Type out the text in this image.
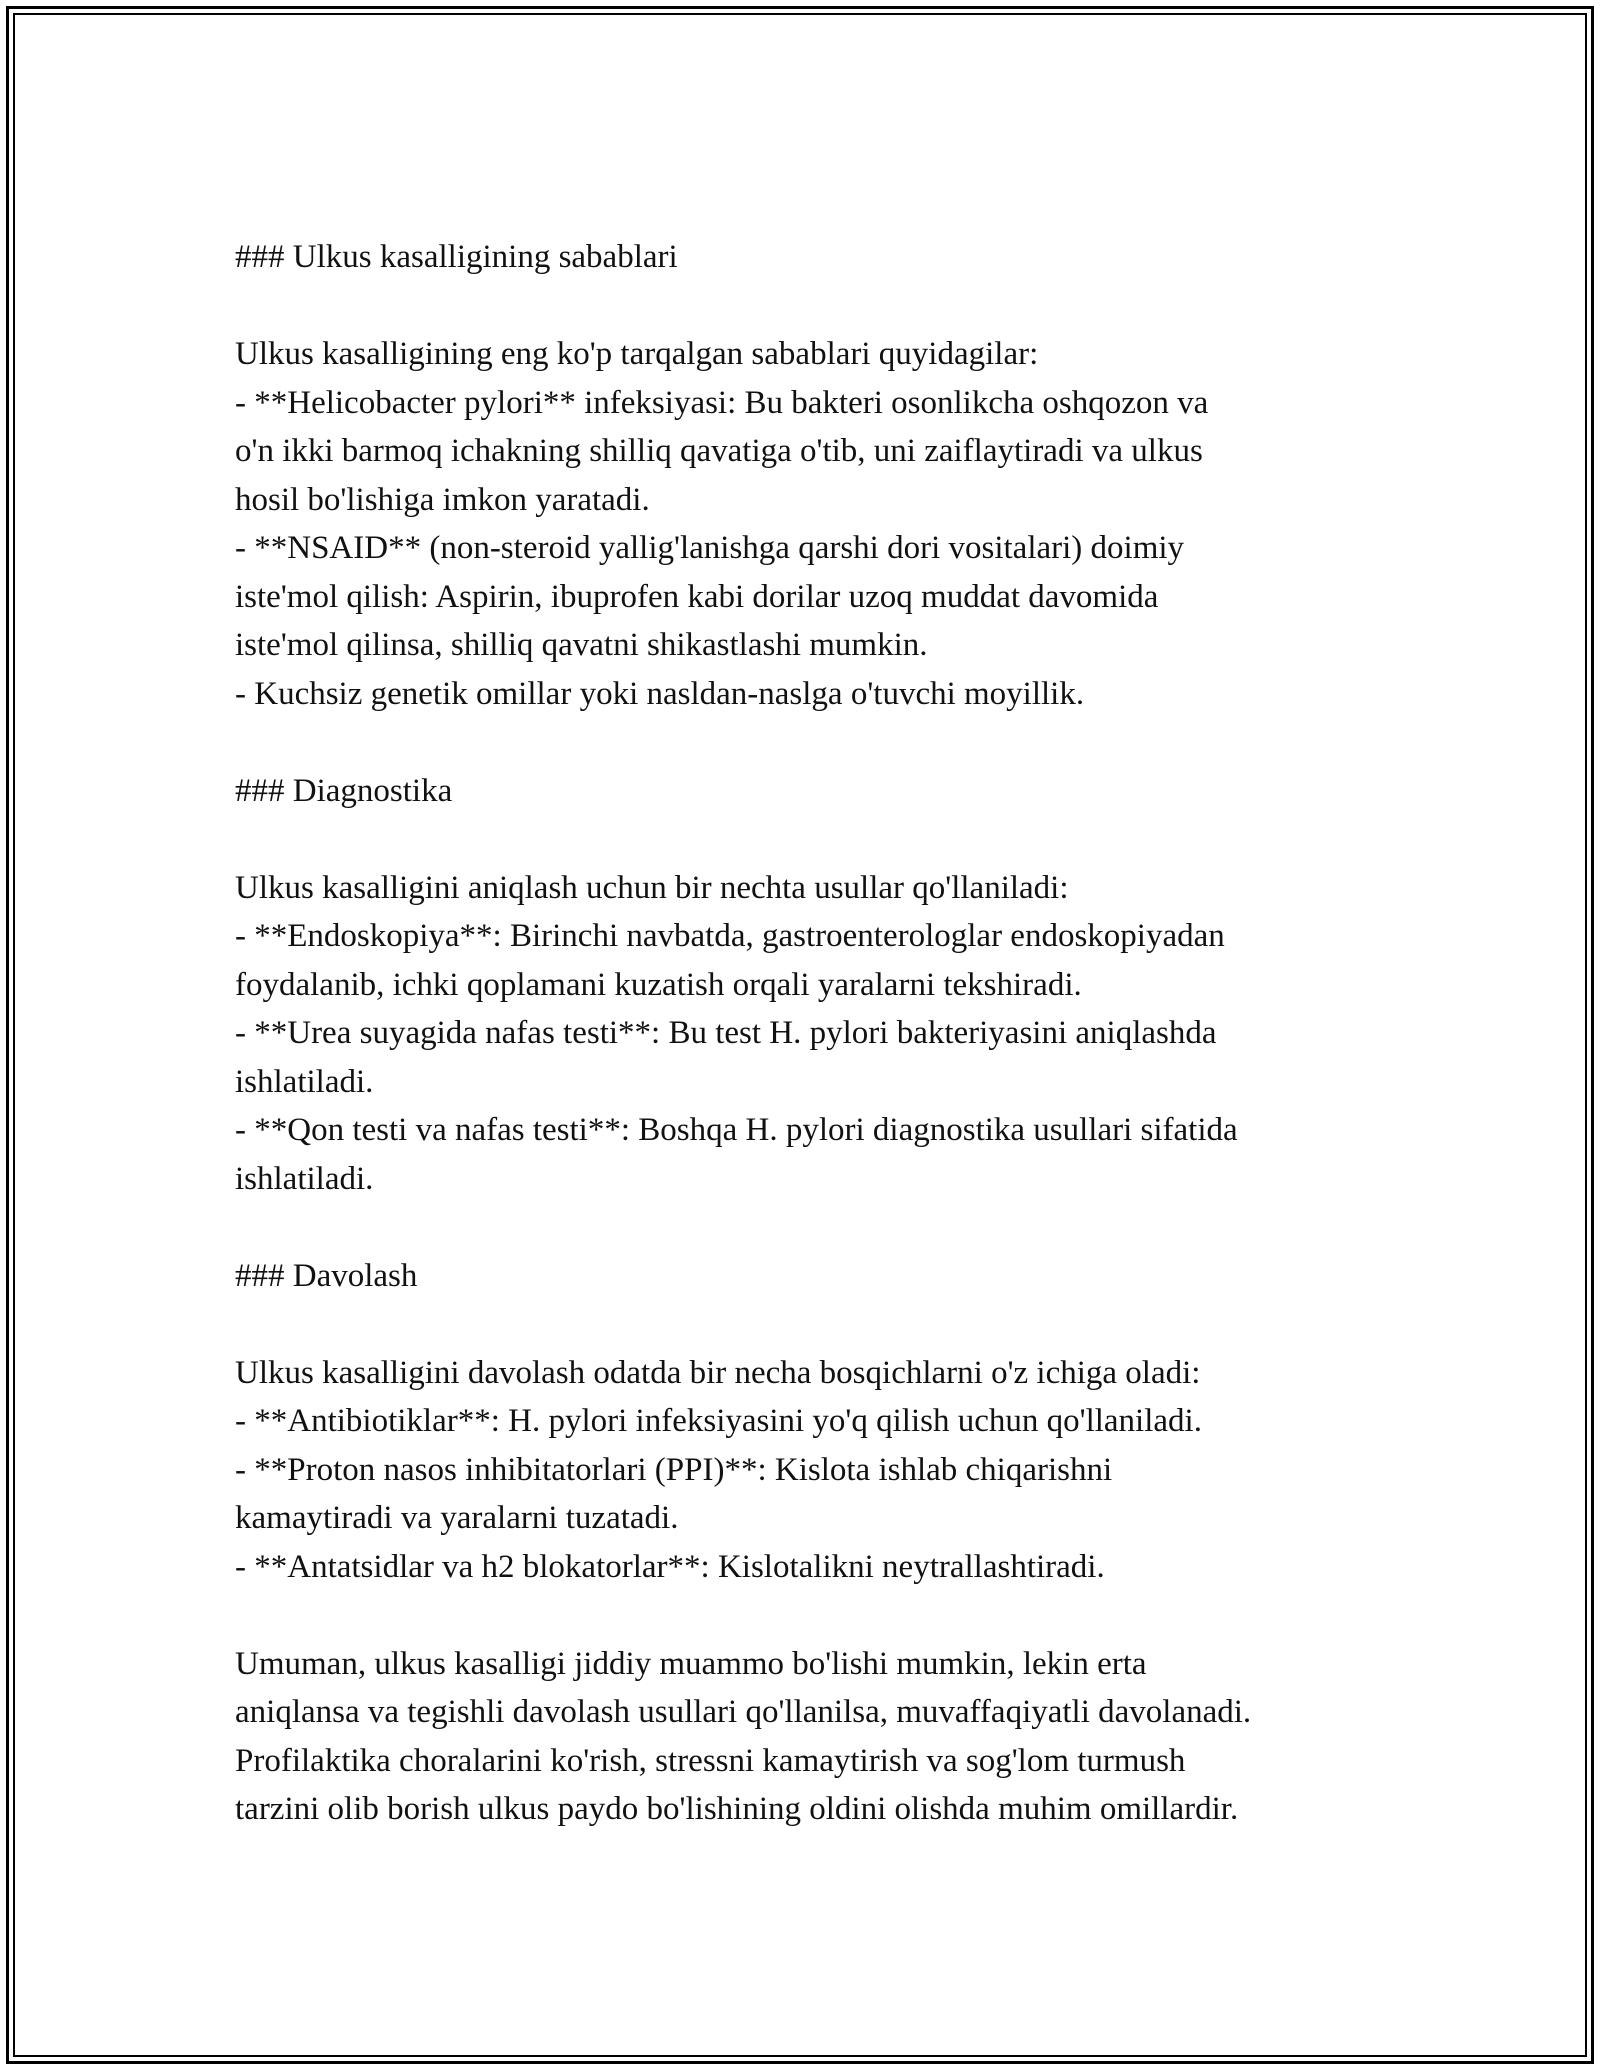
### Ulkus kasalligining sabablari
Ulkus kasalligining eng ko'p tarqalgan sabablari quyidagilar:
- **Helicobacter pylori** infeksiyasi: Bu bakteri osonlikcha oshqozon va
o'n ikki barmoq ichakning shilliq qavatiga o'tib, uni zaiflaytiradi va ulkus
hosil bo'lishiga imkon yaratadi.
- **NSAID** (non-steroid yallig'lanishga qarshi dori vositalari) doimiy
iste'mol qilish: Aspirin, ibuprofen kabi dorilar uzoq muddat davomida
iste'mol qilinsa, shilliq qavatni shikastlashi mumkin.
- Kuchsiz genetik omillar yoki nasldan-naslga o'tuvchi moyillik.
### Diagnostika
Ulkus kasalligini aniqlash uchun bir nechta usullar qo'llaniladi:
- **Endoskopiya**: Birinchi navbatda, gastroenterologlar endoskopiyadan
foydalanib, ichki qoplamani kuzatish orqali yaralarni tekshiradi.
- **Urea suyagida nafas testi**: Bu test H. pylori bakteriyasini aniqlashda
ishlatiladi.
- **Qon testi va nafas testi**: Boshqa H. pylori diagnostika usullari sifatida
ishlatiladi.
### Davolash
Ulkus kasalligini davolash odatda bir necha bosqichlarni o'z ichiga oladi:
- **Antibiotiklar**: H. pylori infeksiyasini yo'q qilish uchun qo'llaniladi.
- **Proton nasos inhibitatorlari (PPI)**: Kislota ishlab chiqarishni
kamaytiradi va yaralarni tuzatadi.
- **Antatsidlar va h2 blokatorlar**: Kislotalikni neytrallashtiradi.
Umuman, ulkus kasalligi jiddiy muammo bo'lishi mumkin, lekin erta
aniqlansa va tegishli davolash usullari qo'llanilsa, muvaffaqiyatli davolanadi.
Profilaktika choralarini ko'rish, stressni kamaytirish va sog'lom turmush
tarzini olib borish ulkus paydo bo'lishining oldini olishda muhim omillardir.
